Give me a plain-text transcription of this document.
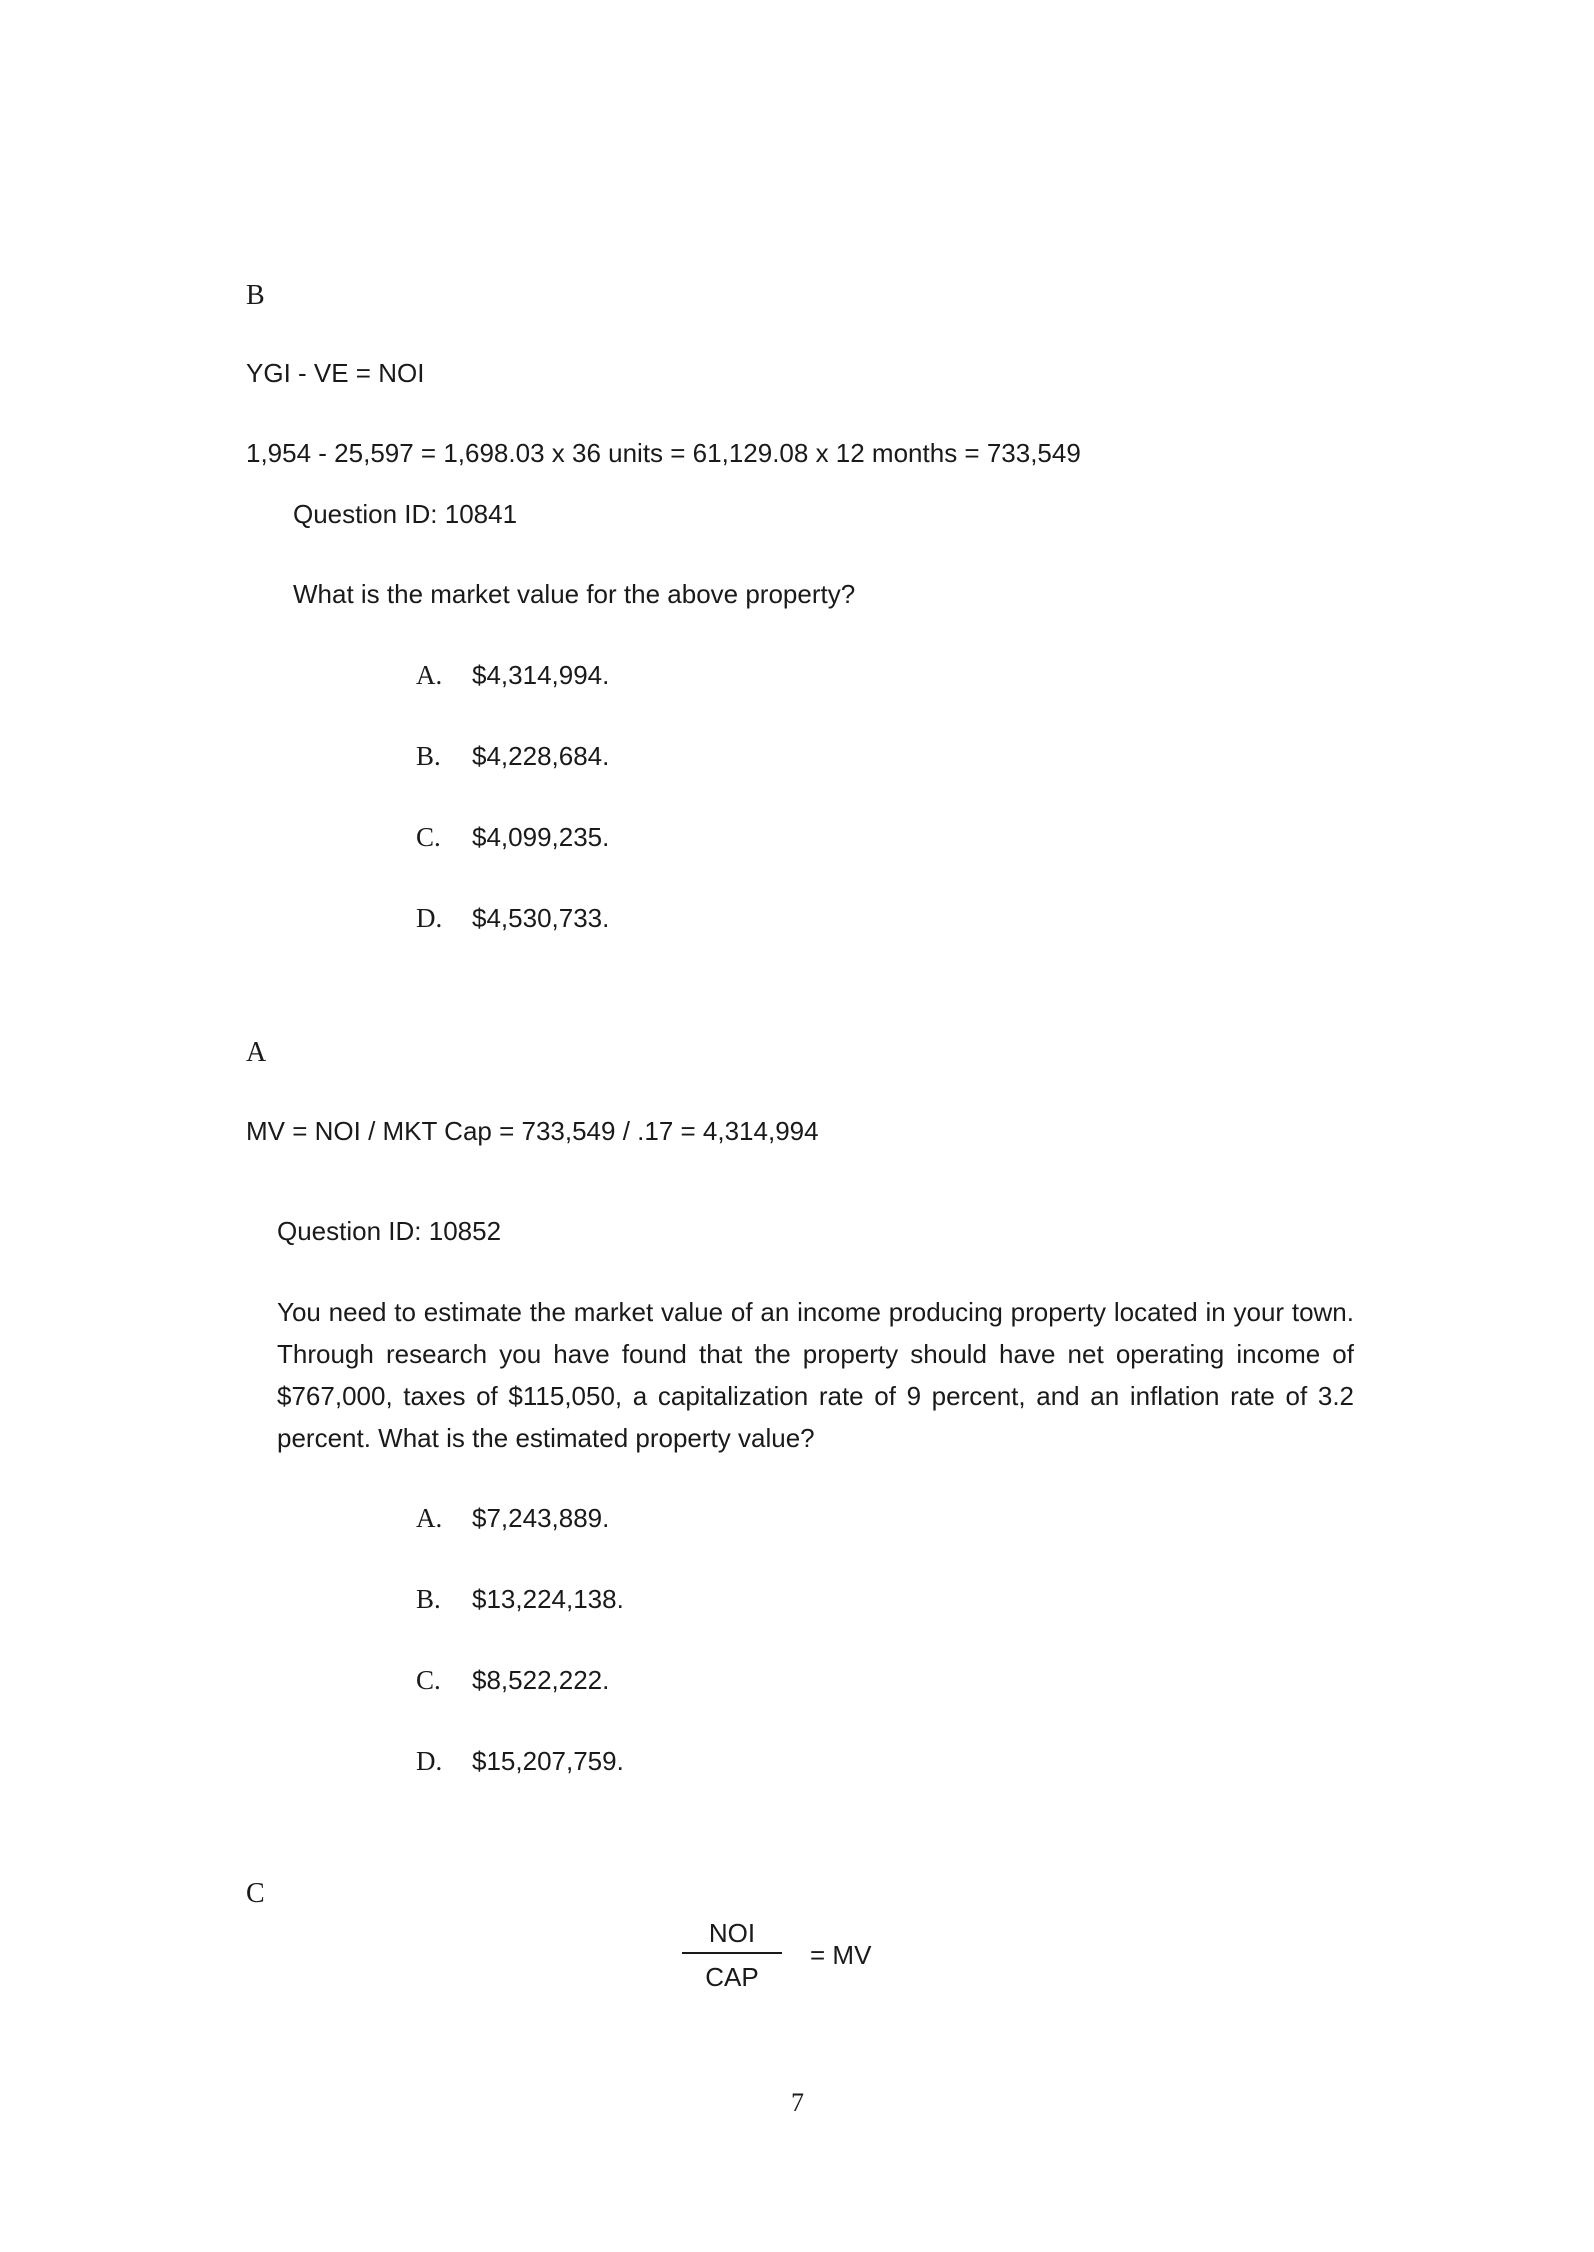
B
YGI - VE = NOI
1,954 - 25,597 = 1,698.03 x 36 units = 61,129.08 x 12 months = 733,549
Question ID: 10841
What is the market value for the above property?
A.	$4,314,994.
B.	$4,228,684.
C.	$4,099,235.
D.	$4,530,733.
A
MV = NOI / MKT Cap = 733,549 / .17 = 4,314,994
Question ID: 10852
You need to estimate the market value of an income producing property located in your town. Through research you have found that the property should have net operating income of $767,000, taxes of $115,050, a capitalization rate of 9 percent, and an inflation rate of 3.2 percent. What is the estimated property value?
A.	$7,243,889.
B.	$13,224,138.
C.	$8,522,222.
D.	$15,207,759.
C
NOI
CAP
= MV
7
